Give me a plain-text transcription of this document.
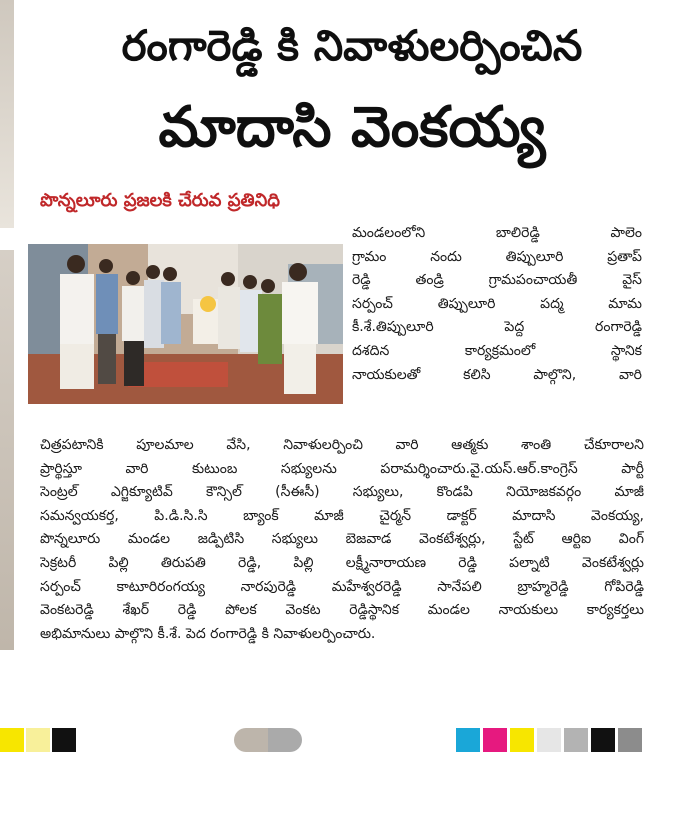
రంగారెడ్డి కి నివాళులర్పించిన
మాదాసి వెంకయ్య
పొన్నలూరు ప్రజలకి చేరువ ప్రతినిధి

మండలంలోని బాలిరెడ్డి పాలెం
గ్రామం నందు తిప్పులూరి ప్రతాప్
రెడ్డి తండ్రి గ్రామపంచాయతీ వైస్
సర్పంచ్ తిప్పులూరి పద్మ మామ
కీ.శే.తిప్పులూరి పెద్ద రంగారెడ్డి
దశదిన కార్యక్రమంలో స్థానిక
నాయకులతో కలిసి పాల్గొని, వారి

చిత్రపటానికి పూలమాల వేసి, నివాళులర్పించి వారి ఆత్మకు శాంతి చేకూరాలని
ప్రార్థిస్తూ వారి కుటుంబ సభ్యులను పరామర్శించారు.వై.యస్.ఆర్.కాంగ్రెస్ పార్టీ
సెంట్రల్ ఎగ్జిక్యూటివ్ కౌన్సిల్ (సీఈసీ) సభ్యులు, కొండపి నియోజకవర్గం మాజీ
సమన్వయకర్త, పి.డి.సి.సి బ్యాంక్ మాజీ చైర్మన్ డాక్టర్ మాదాసి వెంకయ్య,
పొన్నలూరు మండల జడ్పిటిసి సభ్యులు బెజవాడ వెంకటేశ్వర్లు, స్టేట్ ఆర్టిఐ వింగ్
సెక్రటరీ పిల్లి తిరుపతి రెడ్డి, పిల్లి లక్ష్మీనారాయణ రెడ్డి పల్నాటి వెంకటేశ్వర్లు
సర్పంచ్ కాటూరిరంగయ్య నారపురెడ్డి మహేశ్వరరెడ్డి సానేపలి బ్రాహ్మరెడ్డి గోపిరెడ్డి
వెంకటరెడ్డి శేఖర్ రెడ్డి పోలక వెంకట రెడ్డిస్థానిక మండల నాయకులు కార్యకర్తలు
అభిమానులు పాల్గొని కీ.శే. పెద రంగారెడ్డి కి నివాళులర్పించారు.
